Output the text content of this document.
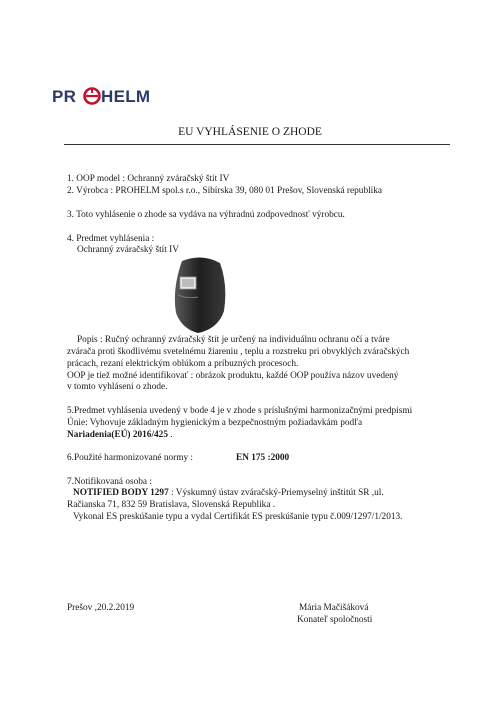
PR HELM
EU VYHLÁSENIE O ZHODE
1. OOP model : Ochranný zváračský štít IV
2. Výrobca : PROHELM spol.s r.o., Sibírska 39, 080 01 Prešov, Slovenská republika
3. Toto vyhlásenie o zhode sa vydáva na výhradnú zodpovednosť výrobcu.
4. Predmet vyhlásenia :
Ochranný zváračský štít IV
Popis : Ručný ochranný zváračský štít je určený na individuálnu ochranu očí a tváre
zvárača proti škodlivému svetelnému žiareniu , teplu a rozstreku pri obvyklých zváračských
prácach, rezaní elektrickým oblúkom a príbuzných procesoch.
OOP je tiež možné identifikovať : obrázok produktu, každé OOP používa názov uvedený
v tomto vyhlásení o zhode.
5.Predmet vyhlásenia uvedený v bode 4 je v zhode s príslušnými harmonizačnými predpismi
Únie: Vyhovuje základným hygienickým a bezpečnostným požiadavkám podľa
Nariadenia(EÚ) 2016/425 .
6.Použité harmonizované normy :	EN 175 :2000
7.Notifikovaná osoba :
NOTIFIED BODY 1297 : Výskumný ústav zváračský-Priemyselný inštitút SR ,ul.
Račianska 71, 832 59 Bratislava, Slovenská Republika .
Vykonal ES preskúšanie typu a vydal Certifikát ES preskúšanie typu č.009/1297/1/2013.
Prešov ,20.2.2019	Mária Mačišáková
Konateľ spoločnosti
